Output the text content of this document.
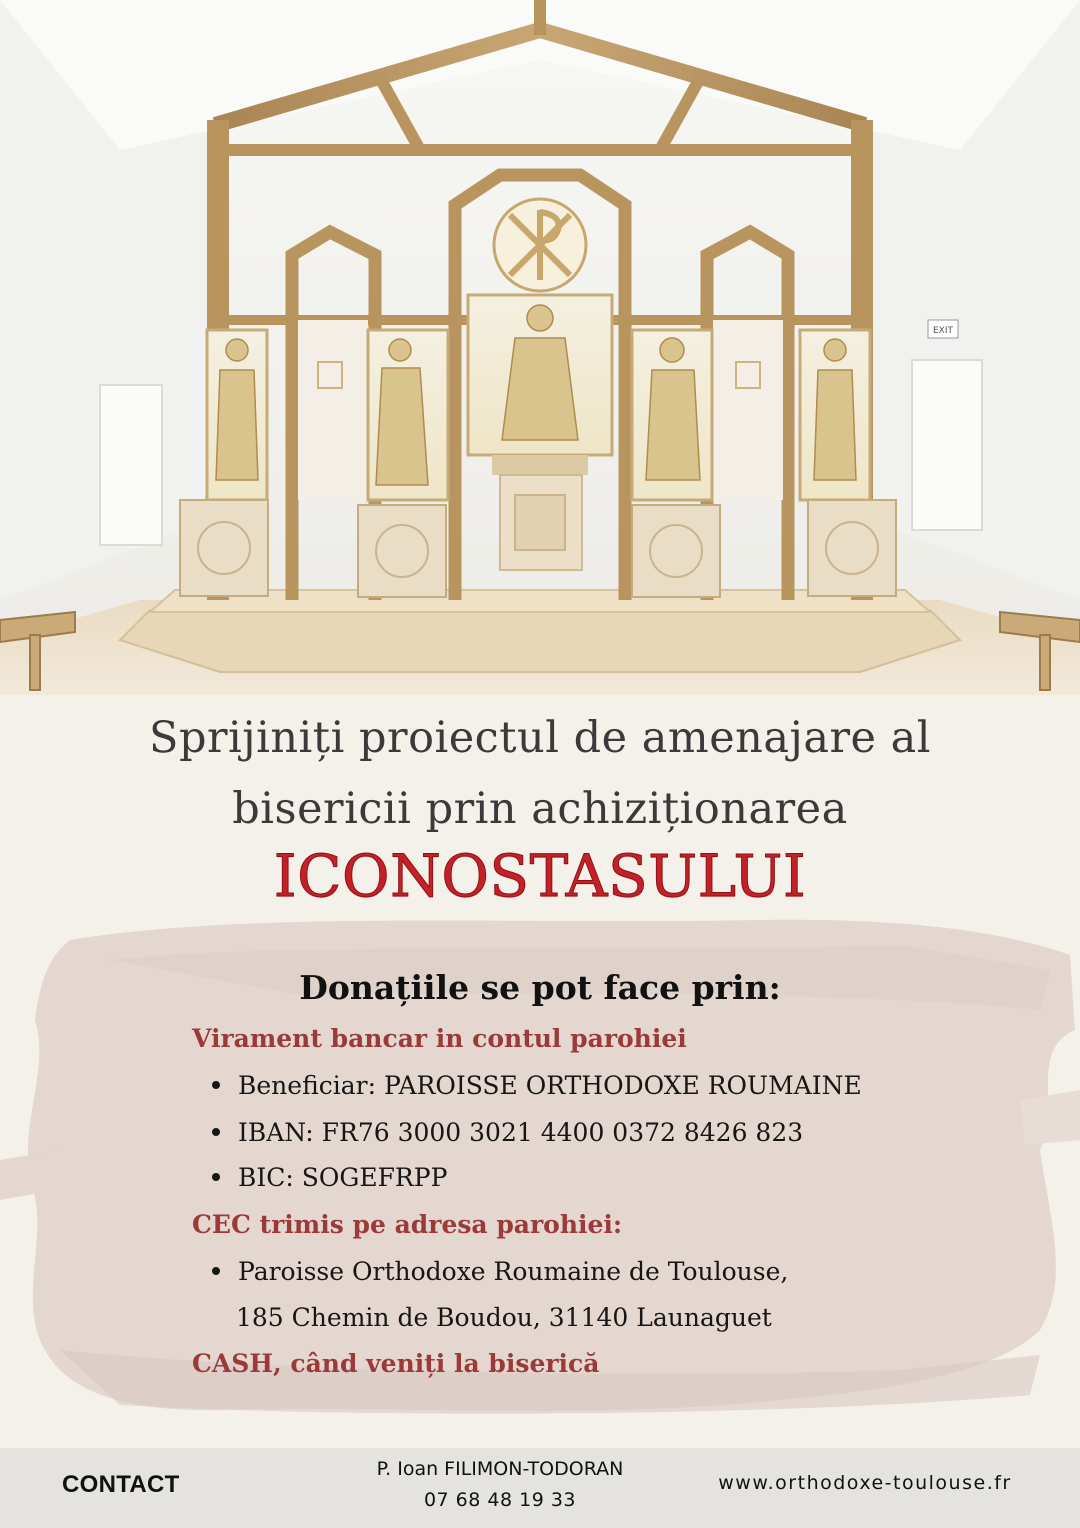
EXIT
Sprijiniți proiectul de amenajare al
bisericii prin achiziționarea
ICONOSTASULUI
Donațiile se pot face prin:
Virament bancar in contul parohiei
Beneficiar: PAROISSE ORTHODOXE ROUMAINE
IBAN: FR76 3000 3021 4400 0372 8426 823
BIC: SOGEFRPP
CEC trimis pe adresa parohiei:
Paroisse Orthodoxe Roumaine de Toulouse,
185 Chemin de Boudou, 31140 Launaguet
CASH, când veniți la biserică
CONTACT
P. Ioan FILIMON-TODORAN
07 68 48 19 33
www.orthodoxe-toulouse.fr
